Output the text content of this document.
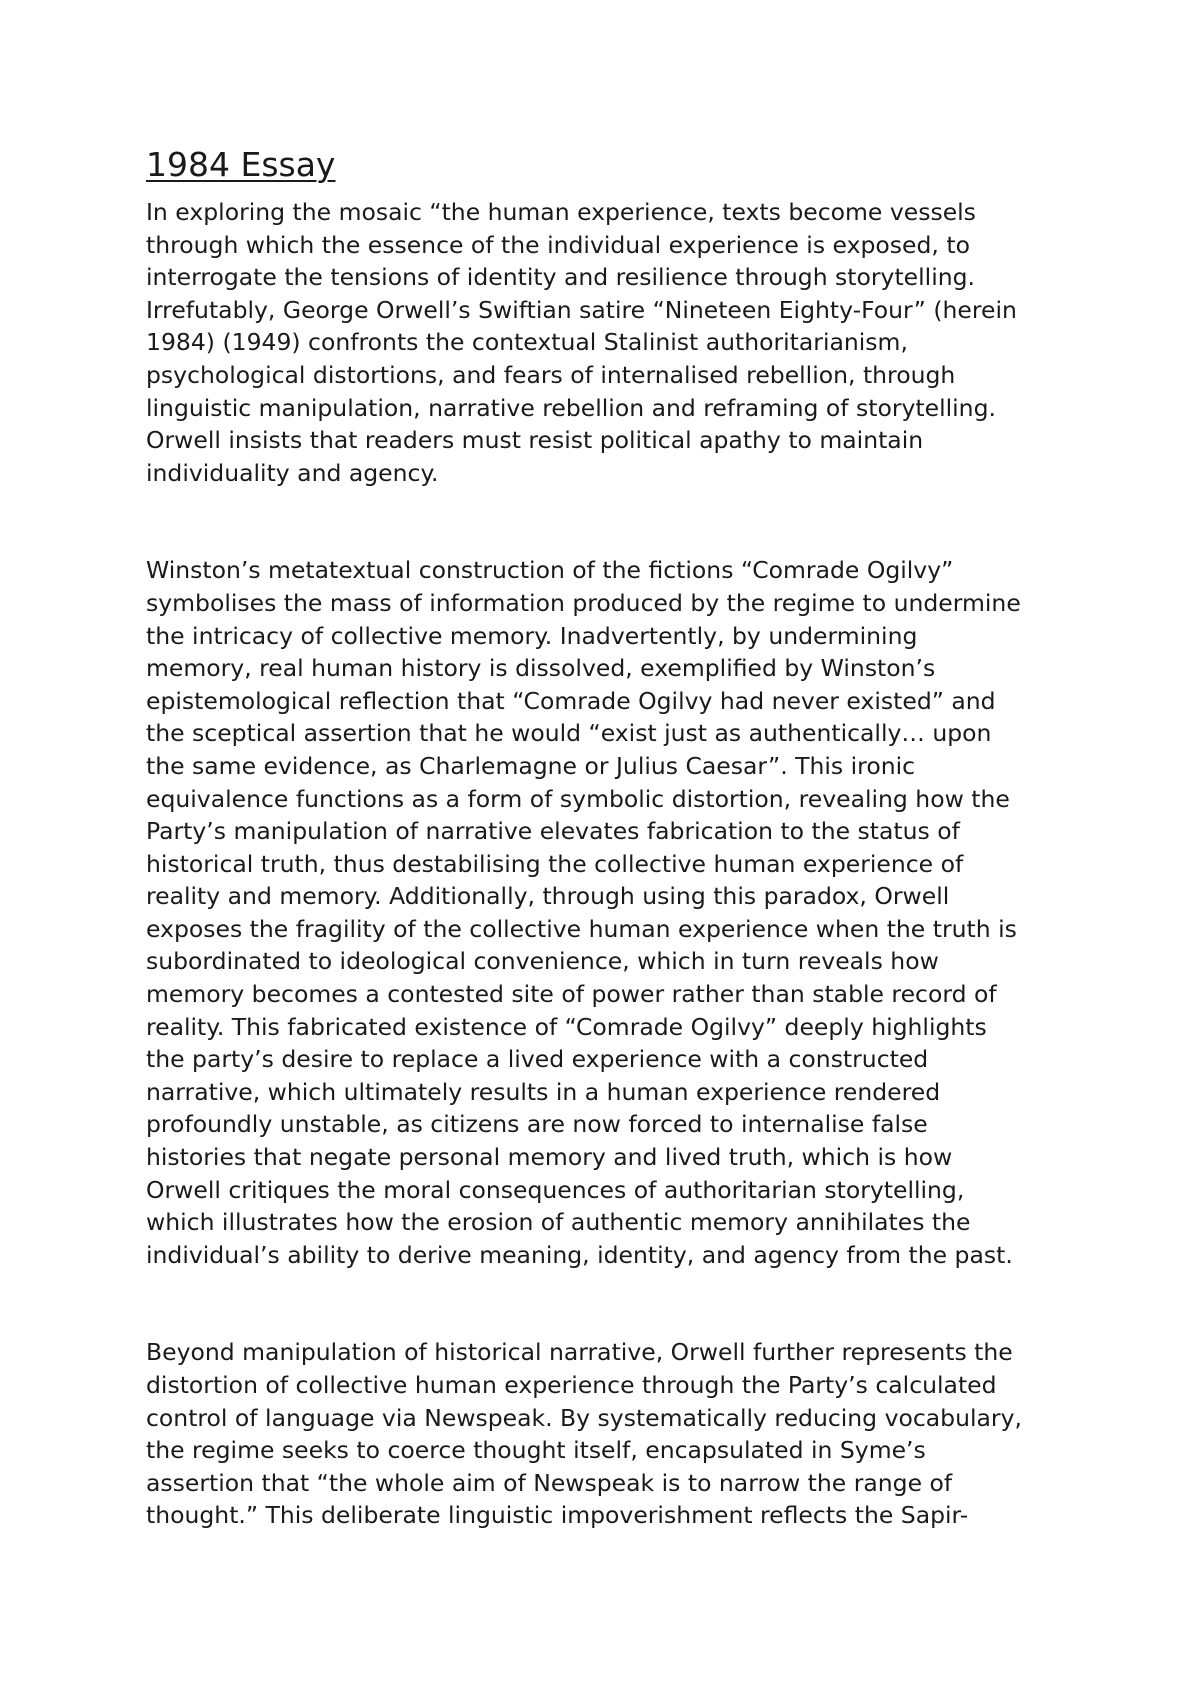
1984 Essay
In exploring the mosaic “the human experience, texts become vessels
through which the essence of the individual experience is exposed, to
interrogate the tensions of identity and resilience through storytelling.
Irrefutably, George Orwell’s Swiftian satire “Nineteen Eighty-Four” (herein
1984) (1949) confronts the contextual Stalinist authoritarianism,
psychological distortions, and fears of internalised rebellion, through
linguistic manipulation, narrative rebellion and reframing of storytelling.
Orwell insists that readers must resist political apathy to maintain
individuality and agency.
Winston’s metatextual construction of the fictions “Comrade Ogilvy”
symbolises the mass of information produced by the regime to undermine
the intricacy of collective memory. Inadvertently, by undermining
memory, real human history is dissolved, exemplified by Winston’s
epistemological reflection that “Comrade Ogilvy had never existed” and
the sceptical assertion that he would “exist just as authentically… upon
the same evidence, as Charlemagne or Julius Caesar”. This ironic
equivalence functions as a form of symbolic distortion, revealing how the
Party’s manipulation of narrative elevates fabrication to the status of
historical truth, thus destabilising the collective human experience of
reality and memory. Additionally, through using this paradox, Orwell
exposes the fragility of the collective human experience when the truth is
subordinated to ideological convenience, which in turn reveals how
memory becomes a contested site of power rather than stable record of
reality. This fabricated existence of “Comrade Ogilvy” deeply highlights
the party’s desire to replace a lived experience with a constructed
narrative, which ultimately results in a human experience rendered
profoundly unstable, as citizens are now forced to internalise false
histories that negate personal memory and lived truth, which is how
Orwell critiques the moral consequences of authoritarian storytelling,
which illustrates how the erosion of authentic memory annihilates the
individual’s ability to derive meaning, identity, and agency from the past.
Beyond manipulation of historical narrative, Orwell further represents the
distortion of collective human experience through the Party’s calculated
control of language via Newspeak. By systematically reducing vocabulary,
the regime seeks to coerce thought itself, encapsulated in Syme’s
assertion that “the whole aim of Newspeak is to narrow the range of
thought.” This deliberate linguistic impoverishment reflects the Sapir-
